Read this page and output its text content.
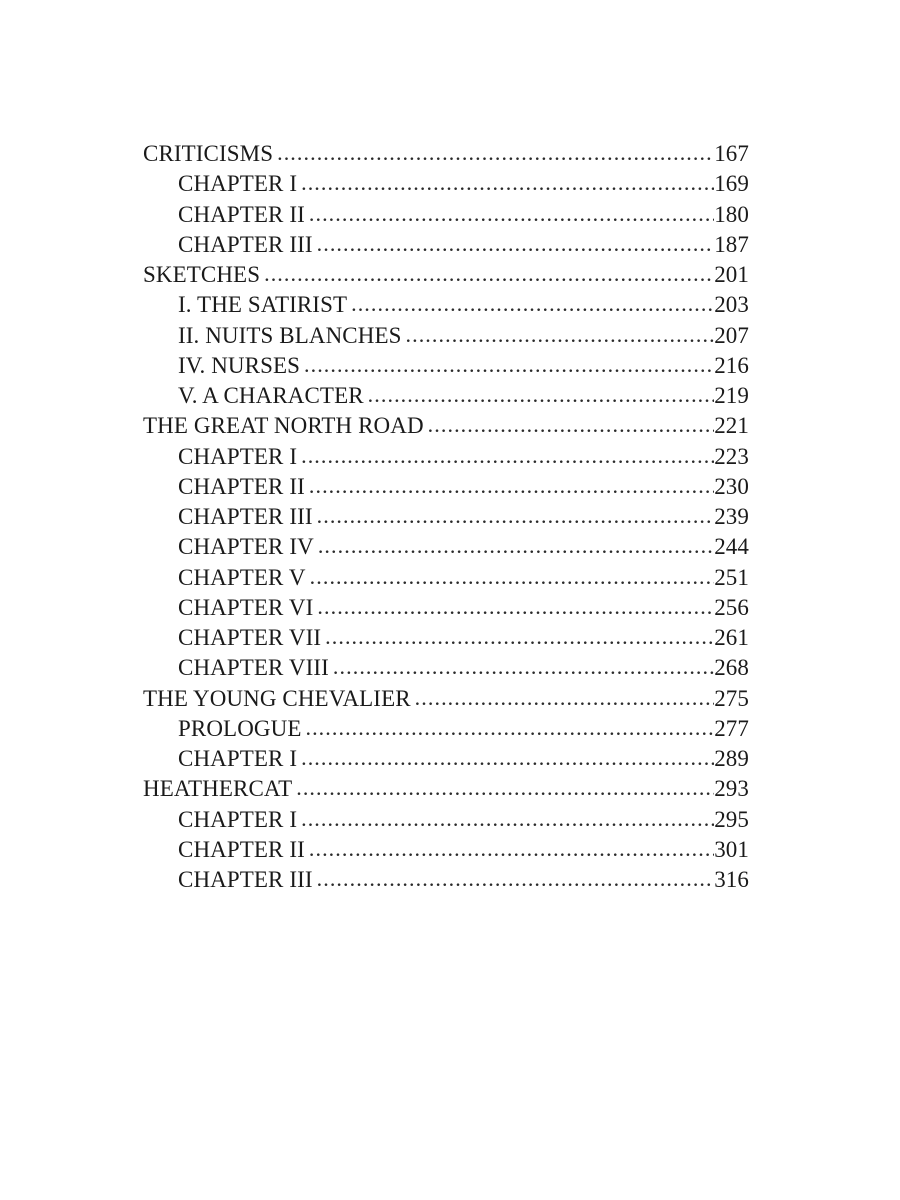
CRITICISMS . . .	167
CHAPTER I . . .	169
CHAPTER II . . .	180
CHAPTER III . . .	187
SKETCHES . . .	201
I. THE SATIRIST . . .	203
II. NUITS BLANCHES . . .	207
IV. NURSES . . .	216
V. A CHARACTER . . .	219
THE GREAT NORTH ROAD . . .	221
CHAPTER I . . .	223
CHAPTER II . . .	230
CHAPTER III . . .	239
CHAPTER IV . . .	244
CHAPTER V . . .	251
CHAPTER VI . . .	256
CHAPTER VII . . .	261
CHAPTER VIII . . .	268
THE YOUNG CHEVALIER . . .	275
PROLOGUE . . .	277
CHAPTER I . . .	289
HEATHERCAT . . .	293
CHAPTER I . . .	295
CHAPTER II . . .	301
CHAPTER III . . .	316
